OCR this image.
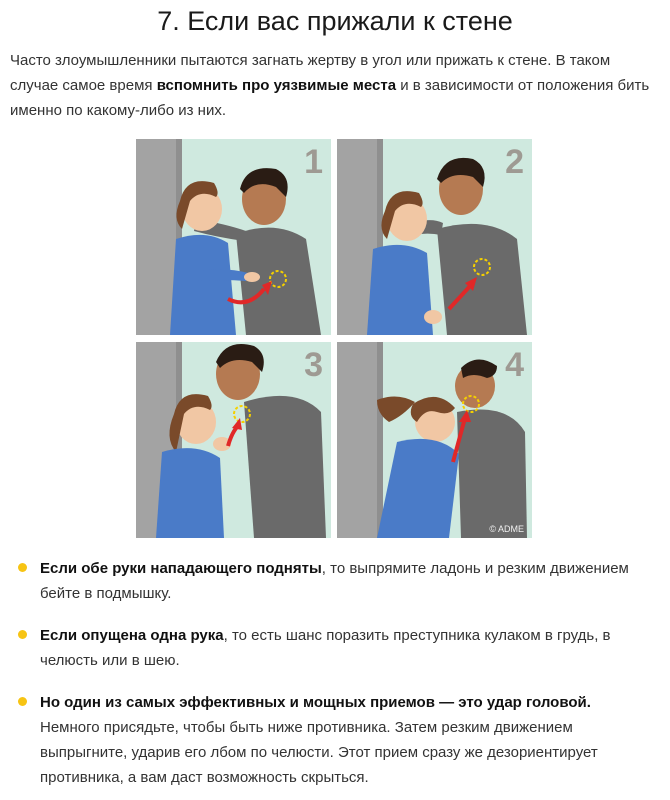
7. Если вас прижали к стене
Часто злоумышленники пытаются загнать жертву в угол или прижать к стене. В таком случае самое время вспомнить про уязвимые места и в зависимости от положения бить именно по какому-либо из них.
1	2
3	4
© ADME
Если обе руки нападающего подняты, то выпрямите ладонь и резким движением бейте в подмышку.
Если опущена одна рука, то есть шанс поразить преступника кулаком в грудь, в челюсть или в шею.
Но один из самых эффективных и мощных приемов — это удар головой. Немного присядьте, чтобы быть ниже противника. Затем резким движением выпрыгните, ударив его лбом по челюсти. Этот прием сразу же дезориентирует противника, а вам даст возможность скрыться.
